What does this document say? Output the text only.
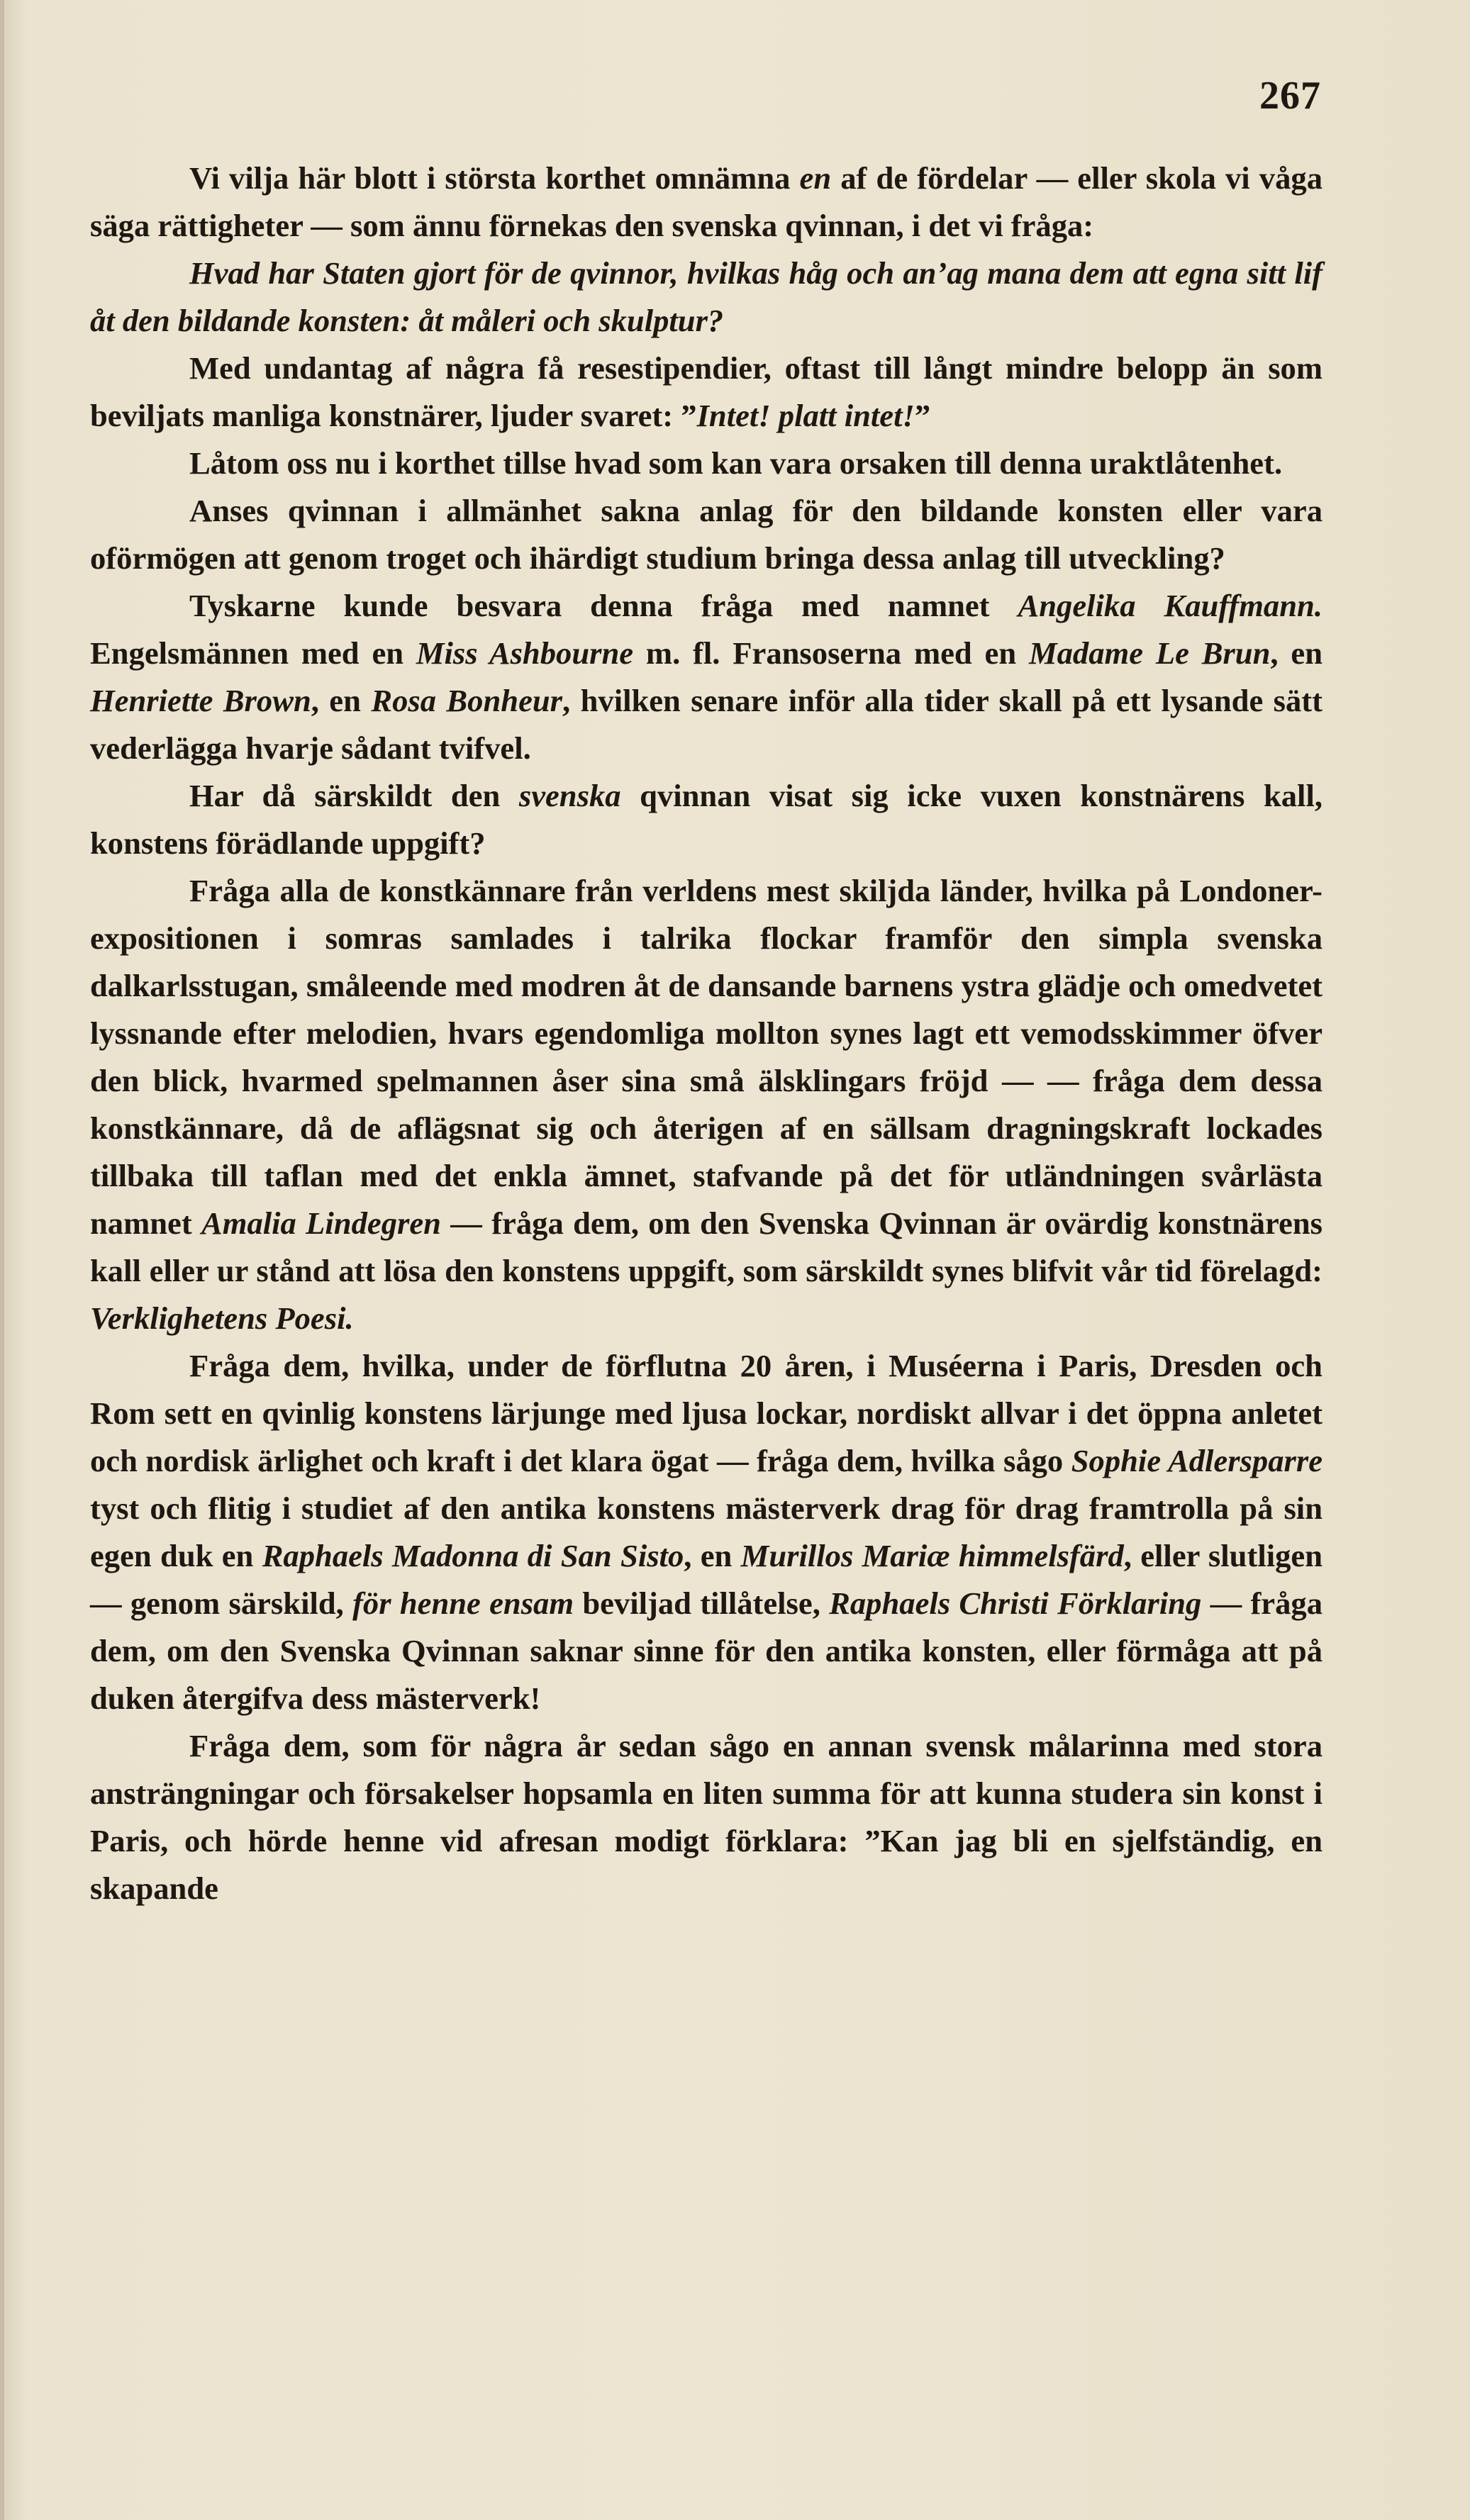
267

Vi vilja här blott i största korthet omnämna en af de fördelar — eller skola vi våga säga rättigheter — som ännu förnekas den svenska qvinnan, i det vi fråga:

Hvad har Staten gjort för de qvinnor, hvilkas håg och an’ag mana dem att egna sitt lif åt den bildande konsten: åt måleri och skulptur?

Med undantag af några få resestipendier, oftast till långt mindre belopp än som beviljats manliga konstnärer, ljuder svaret: ”Intet! platt intet!”

Låtom oss nu i korthet tillse hvad som kan vara orsaken till denna uraktlåtenhet.

Anses qvinnan i allmänhet sakna anlag för den bildande konsten eller vara oförmögen att genom troget och ihärdigt studium bringa dessa anlag till utveckling?

Tyskarne kunde besvara denna fråga med namnet Angelika Kauffmann. Engelsmännen med en Miss Ashbourne m. fl. Fransoserna med en Madame Le Brun, en Henriette Brown, en Rosa Bonheur, hvilken senare inför alla tider skall på ett lysande sätt vederlägga hvarje sådant tvifvel.

Har då särskildt den svenska qvinnan visat sig icke vuxen konstnärens kall, konstens förädlande uppgift?

Fråga alla de konstkännare från verldens mest skiljda länder, hvilka på Londoner-expositionen i somras samlades i talrika flockar framför den simpla svenska dalkarlsstugan, småleende med modren åt de dansande barnens ystra glädje och omedvetet lyssnande efter melodien, hvars egendomliga mollton synes lagt ett vemodsskimmer öfver den blick, hvarmed spelmannen åser sina små älsklingars fröjd — — fråga dem dessa konstkännare, då de aflägsnat sig och återigen af en sällsam dragningskraft lockades tillbaka till taflan med det enkla ämnet, stafvande på det för utländningen svårlästa namnet Amalia Lindegren — fråga dem, om den Svenska Qvinnan är ovärdig konstnärens kall eller ur stånd att lösa den konstens uppgift, som särskildt synes blifvit vår tid förelagd: Verklighetens Poesi.

Fråga dem, hvilka, under de förflutna 20 åren, i Muséerna i Paris, Dresden och Rom sett en qvinlig konstens lärjunge med ljusa lockar, nordiskt allvar i det öppna anletet och nordisk ärlighet och kraft i det klara ögat — fråga dem, hvilka sågo Sophie Adlersparre tyst och flitig i studiet af den antika konstens mästerverk drag för drag framtrolla på sin egen duk en Raphaels Madonna di San Sisto, en Murillos Mariæ himmelsfärd, eller slutligen — genom särskild, för henne ensam beviljad tillåtelse, Raphaels Christi Förklaring — fråga dem, om den Svenska Qvinnan saknar sinne för den antika konsten, eller förmåga att på duken återgifva dess mästerverk!

Fråga dem, som för några år sedan sågo en annan svensk målarinna med stora ansträngningar och försakelser hopsamla en liten summa för att kunna studera sin konst i Paris, och hörde henne vid afresan modigt förklara: ”Kan jag bli en sjelfständig, en skapande
